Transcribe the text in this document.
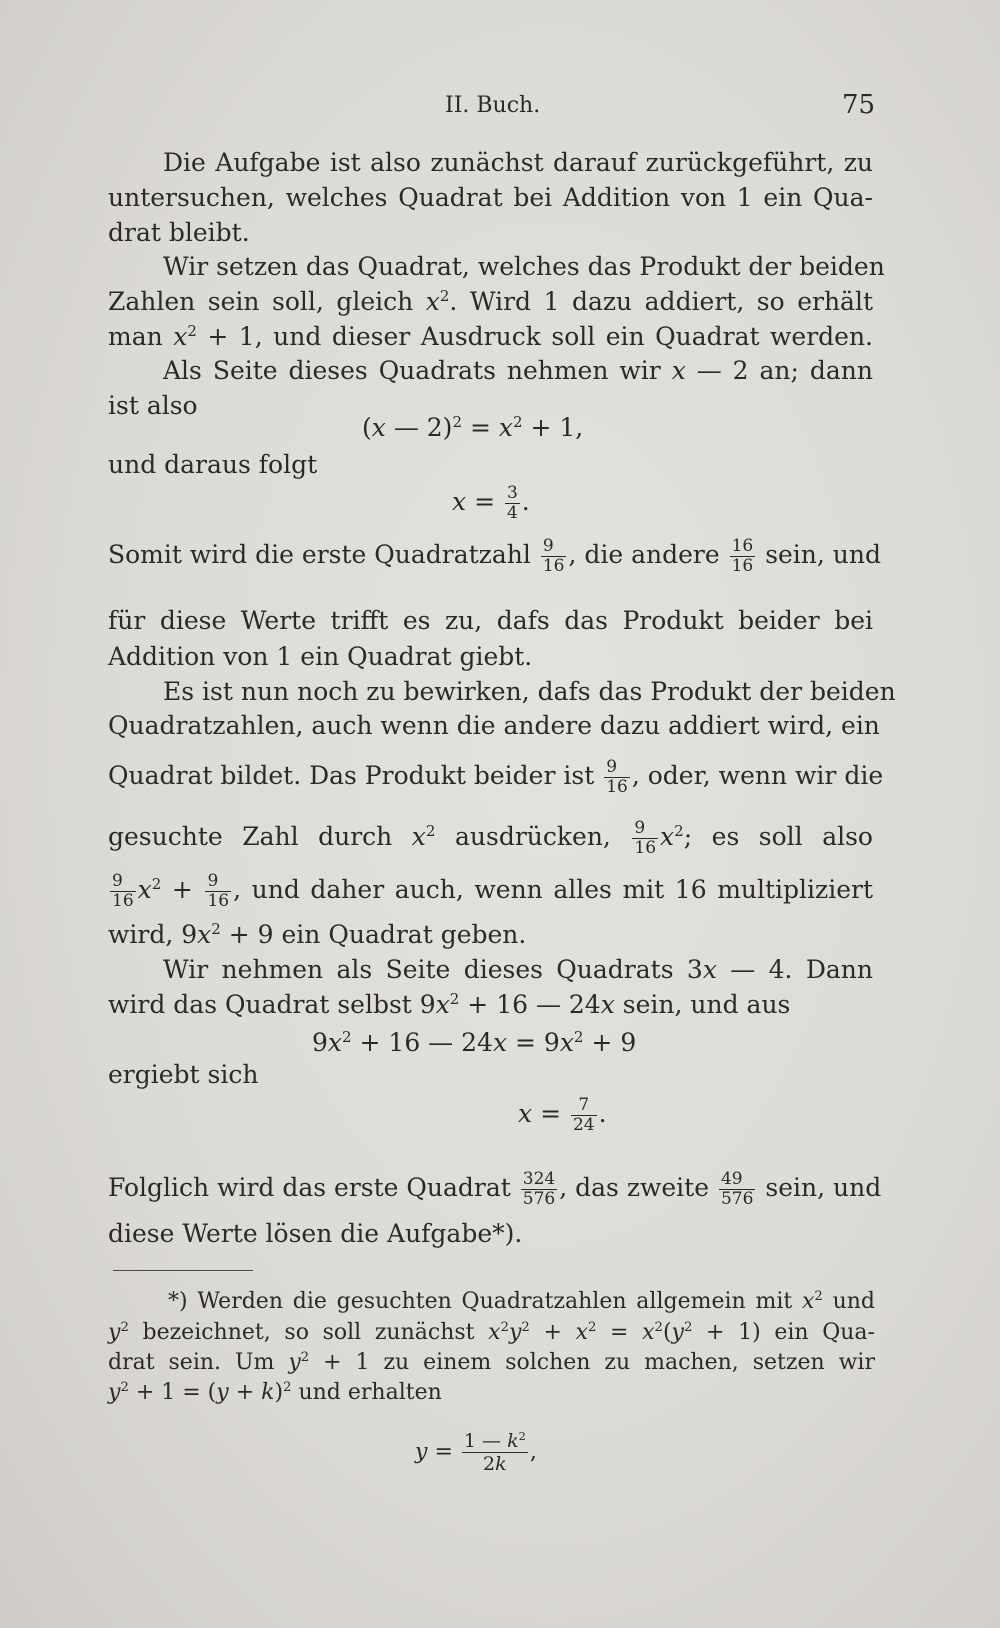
II. Buch.	75
Die Aufgabe ist also zunächst darauf zurückgeführt, zu
untersuchen, welches Quadrat bei Addition von 1 ein Qua-
drat bleibt.
Wir setzen das Quadrat, welches das Produkt der beiden
Zahlen sein soll, gleich $x^2$. Wird 1 dazu addiert, so erhält
man $x^2 + 1$, und dieser Ausdruck soll ein Quadrat werden.
Als Seite dieses Quadrats nehmen wir x — 2 an; dann
ist also
(x — $2)^2 = x^2 + 1$,
und daraus folgt
$x = \frac{3}{4}$ .
Somit wird die erste Quadratzahl $\frac{9}{16}$ , die andere $\frac{16}{16}$ sein, und
für diese Werte trifft es zu, dafs das Produkt beider bei
Addition von 1 ein Quadrat giebt.
Es ist nun noch zu bewirken, dafs das Produkt der beiden
Quadratzahlen, auch wenn die andere dazu addiert wird, ein
Quadrat bildet. Das Produkt beider ist $\frac{9}{16}$ , oder, wenn wir die
gesuchte Zahl durch $x^2$ ausdrücken, $\frac{9}{16} x^2$; es soll also
$\frac{9}{16} x^2 + \frac{9}{16}$ , und daher auch, wenn alles mit 16 multipliziert
wird, $9x^2 + 9$ ein Quadrat geben.
Wir nehmen als Seite dieses Quadrats 3x — 4. Dann
wird das Quadrat selbst $9x^2 + 16$ — 24x sein, und aus
$9x^2 + 16$ — $24x = 9x^2 + 9$
ergiebt sich
$x = \frac{7}{24}$ .
Folglich wird das erste Quadrat $\frac{324}{576}$ , das zweite $\frac{49}{576}$ sein, und
diese Werte lösen die Aufgabe*).
*) Werden die gesuchten Quadratzahlen allgemein mit $x^2$ und
$y^2$ bezeichnet, so soll zunächst $x^2y^2 + x^2 = x^2(y^2 + 1)$ ein Qua-
drat sein. Um $y^2 + 1$ zu einem solchen zu machen, setzen wir
$y^2 + 1 = (y + k)^2$ und erhalten
$y = \frac{1 — k^2}{2k}$ ,
